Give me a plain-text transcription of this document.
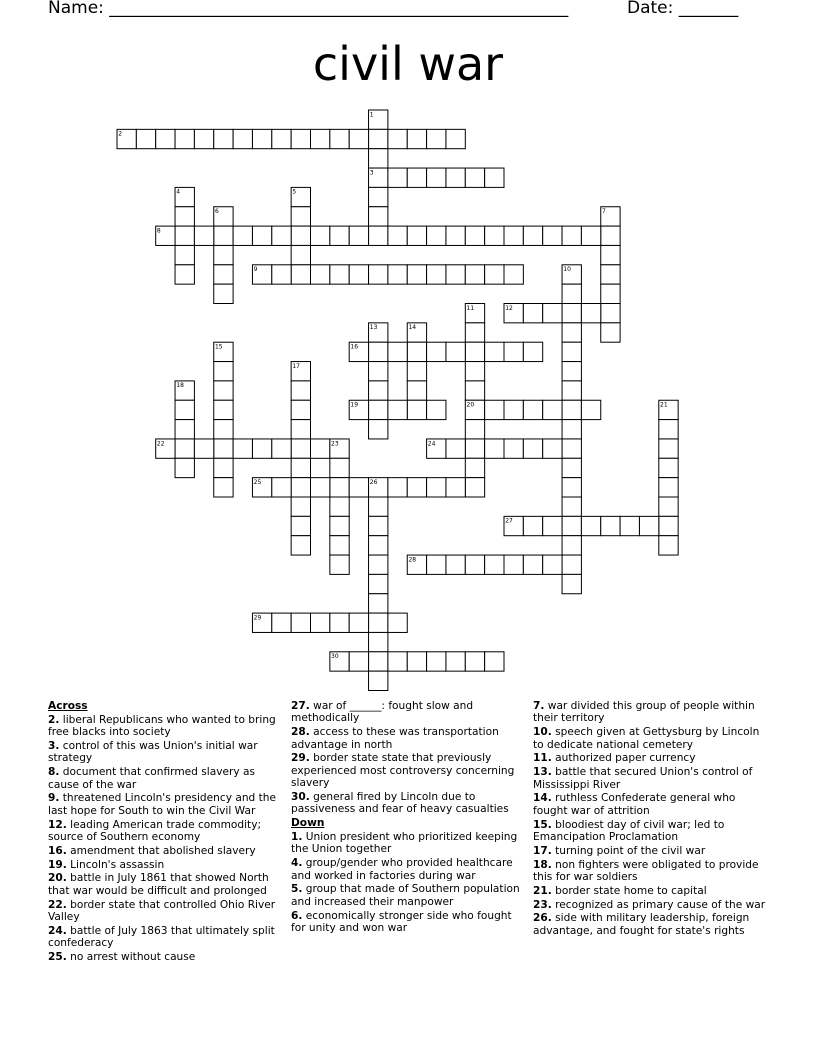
Name: ______________________________________________________	Date: _______
civil war
1
2
3
4	5
6	7
8
9	10
11	12
13	14
15	16
17
18
19	20	21
22	23	24
25	26
27
28
29
30
Across
2. liberal Republicans who wanted to bring free blacks into society
3. control of this was Union's initial war strategy
8. document that confirmed slavery as cause of the war
9. threatened Lincoln's presidency and the last hope for South to win the Civil War
12. leading American trade commodity; source of Southern economy
16. amendment that abolished slavery
19. Lincoln's assassin
20. battle in July 1861 that showed North that war would be difficult and prolonged
22. border state that controlled Ohio River Valley
24. battle of July 1863 that ultimately split confederacy
25. no arrest without cause
27. war of ______: fought slow and methodically
28. access to these was transportation advantage in north
29. border state state that previously experienced most controversy concerning slavery
30. general fired by Lincoln due to passiveness and fear of heavy casualties
Down
1. Union president who prioritized keeping the Union together
4. group/gender who provided healthcare and worked in factories during war
5. group that made of Southern population and increased their manpower
6. economically stronger side who fought for unity and won war
7. war divided this group of people within their territory
10. speech given at Gettysburg by Lincoln to dedicate national cemetery
11. authorized paper currency
13. battle that secured Union's control of Mississippi River
14. ruthless Confederate general who fought war of attrition
15. bloodiest day of civil war; led to Emancipation Proclamation
17. turning point of the civil war
18. non fighters were obligated to provide this for war soldiers
21. border state home to capital
23. recognized as primary cause of the war
26. side with military leadership, foreign advantage, and fought for state's rights
